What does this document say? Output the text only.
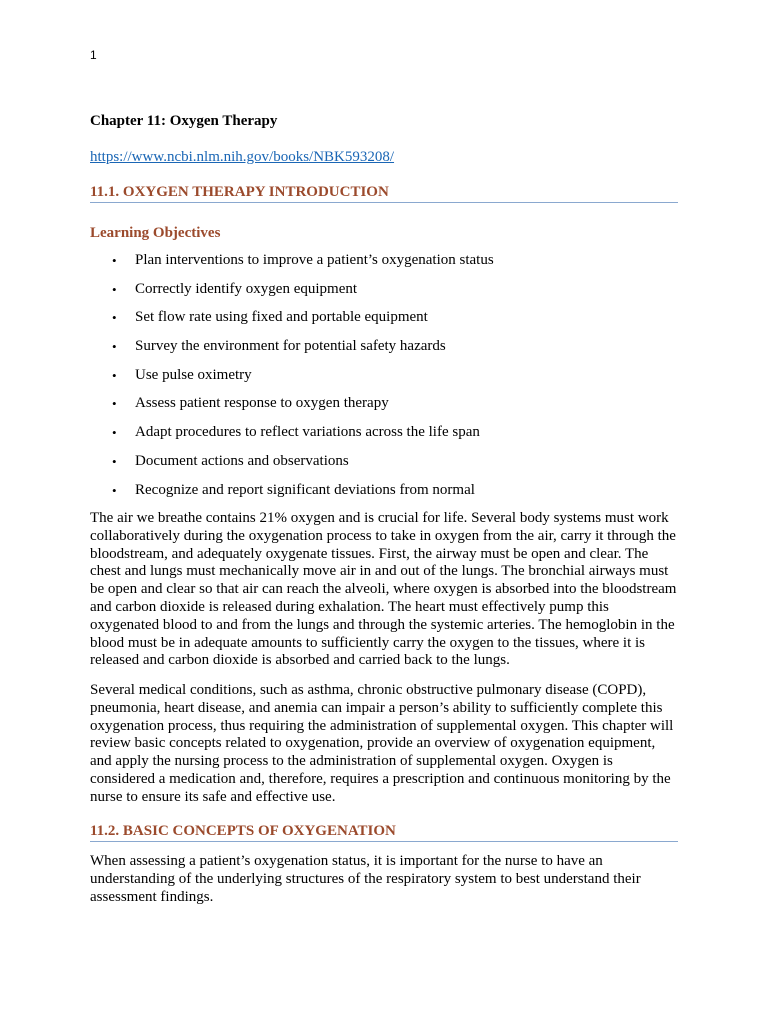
1
Chapter 11: Oxygen Therapy
https://www.ncbi.nlm.nih.gov/books/NBK593208/
11.1. OXYGEN THERAPY INTRODUCTION
Learning Objectives
• Plan interventions to improve a patient’s oxygenation status
• Correctly identify oxygen equipment
• Set flow rate using fixed and portable equipment
• Survey the environment for potential safety hazards
• Use pulse oximetry
• Assess patient response to oxygen therapy
• Adapt procedures to reflect variations across the life span
• Document actions and observations
• Recognize and report significant deviations from normal

The air we breathe contains 21% oxygen and is crucial for life. Several body systems must work collaboratively during the oxygenation process to take in oxygen from the air, carry it through the bloodstream, and adequately oxygenate tissues. First, the airway must be open and clear. The chest and lungs must mechanically move air in and out of the lungs. The bronchial airways must be open and clear so that air can reach the alveoli, where oxygen is absorbed into the bloodstream and carbon dioxide is released during exhalation. The heart must effectively pump this oxygenated blood to and from the lungs and through the systemic arteries. The hemoglobin in the blood must be in adequate amounts to sufficiently carry the oxygen to the tissues, where it is released and carbon dioxide is absorbed and carried back to the lungs.

Several medical conditions, such as asthma, chronic obstructive pulmonary disease (COPD), pneumonia, heart disease, and anemia can impair a person’s ability to sufficiently complete this oxygenation process, thus requiring the administration of supplemental oxygen. This chapter will review basic concepts related to oxygenation, provide an overview of oxygenation equipment, and apply the nursing process to the administration of supplemental oxygen. Oxygen is considered a medication and, therefore, requires a prescription and continuous monitoring by the nurse to ensure its safe and effective use.

11.2. BASIC CONCEPTS OF OXYGENATION

When assessing a patient’s oxygenation status, it is important for the nurse to have an understanding of the underlying structures of the respiratory system to best understand their assessment findings.
